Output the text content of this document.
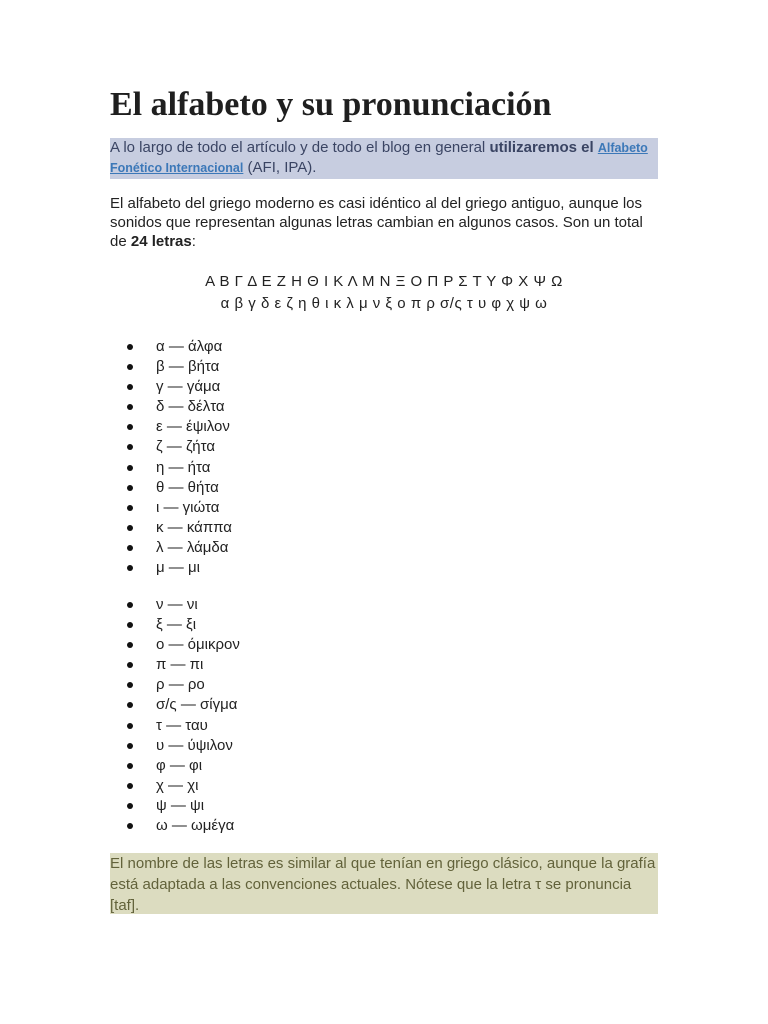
El alfabeto y su pronunciación
A lo largo de todo el artículo y de todo el blog en general utilizaremos el Alfabeto Fonético Internacional (AFI, IPA).

El alfabeto del griego moderno es casi idéntico al del griego antiguo, aunque los sonidos que representan algunas letras cambian en algunos casos. Son un total de 24 letras:

Α Β Γ Δ Ε Ζ Η Θ Ι Κ Λ Μ Ν Ξ Ο Π Ρ Σ Τ Υ Φ Χ Ψ Ω
α β γ δ ε ζ η θ ι κ λ μ ν ξ ο π ρ σ/ς τ υ φ χ ψ ω
α — άλφα
β — βήτα
γ — γάμα
δ — δέλτα
ε — έψιλον
ζ — ζήτα
η — ήτα
θ — θήτα
ι — γιώτα
κ — κάππα
λ — λάμδα
μ — μι
ν — νι
ξ — ξι
ο — όμικρον
π — πι
ρ — ρο
σ/ς — σίγμα
τ — ταυ
υ — ύψιλον
φ — φι
χ — χι
ψ — ψι
ω — ωμέγα
El nombre de las letras es similar al que tenían en griego clásico, aunque la grafía está adaptada a las convenciones actuales. Nótese que la letra τ se pronuncia [taf].
